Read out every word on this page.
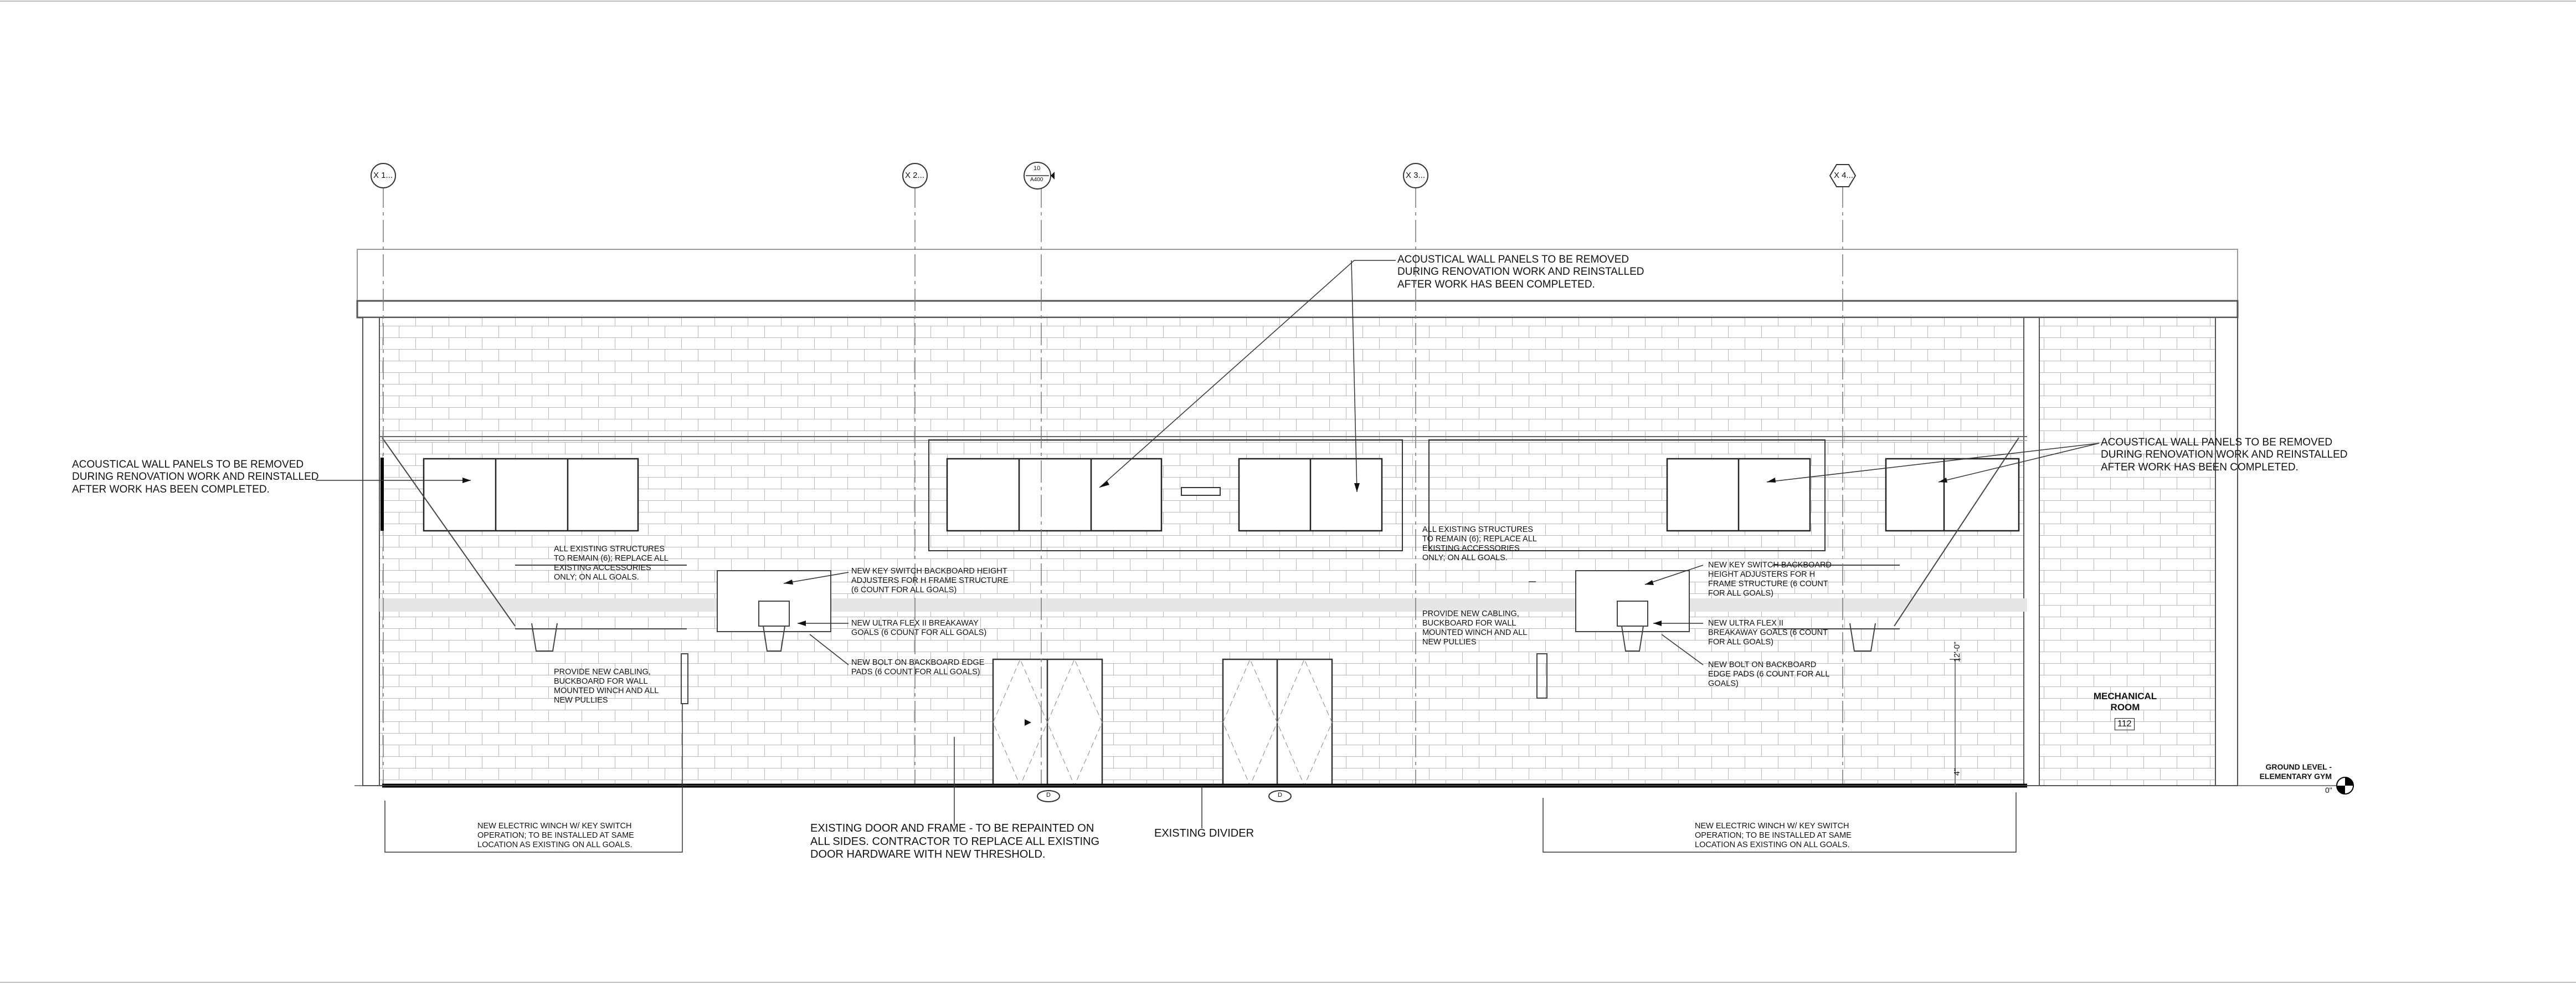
X 1...	X 2...	X 3...	X 4...
10
A400
D	D
ACOUSTICAL WALL PANELS TO BE REMOVED
DURING RENOVATION WORK AND REINSTALLED
AFTER WORK HAS BEEN COMPLETED.
ACOUSTICAL WALL PANELS TO BE REMOVED
DURING RENOVATION WORK AND REINSTALLED
AFTER WORK HAS BEEN COMPLETED.
ACOUSTICAL WALL PANELS TO BE REMOVED
DURING RENOVATION WORK AND REINSTALLED
AFTER WORK HAS BEEN COMPLETED.
ALL EXISTING STRUCTURES
TO REMAIN (6); REPLACE ALL
EXISTING ACCESSORIES
ONLY; ON ALL GOALS.
ALL EXISTING STRUCTURES
TO REMAIN (6); REPLACE ALL
EXISTING ACCESSORIES
ONLY; ON ALL GOALS.
NEW KEY SWITCH BACKBOARD HEIGHT
ADJUSTERS FOR H FRAME STRUCTURE
(6 COUNT FOR ALL GOALS)
NEW KEY SWITCH BACKBOARD
HEIGHT ADJUSTERS FOR H
FRAME STRUCTURE (6 COUNT
FOR ALL GOALS)
NEW ULTRA FLEX II BREAKAWAY
GOALS (6 COUNT FOR ALL GOALS)
NEW ULTRA FLEX II
BREAKAWAY GOALS (6 COUNT
FOR ALL GOALS)
NEW BOLT ON BACKBOARD EDGE
PADS (6 COUNT FOR ALL GOALS)
NEW BOLT ON BACKBOARD
EDGE PADS (6 COUNT FOR ALL
GOALS)
PROVIDE NEW CABLING,
BUCKBOARD FOR WALL
MOUNTED WINCH AND ALL
NEW PULLIES
PROVIDE NEW CABLING,
BUCKBOARD FOR WALL
MOUNTED WINCH AND ALL
NEW PULLIES
NEW ELECTRIC WINCH W/ KEY SWITCH
OPERATION; TO BE INSTALLED AT SAME
LOCATION AS EXISTING ON ALL GOALS.
NEW ELECTRIC WINCH W/ KEY SWITCH
OPERATION; TO BE INSTALLED AT SAME
LOCATION AS EXISTING ON ALL GOALS.
EXISTING DOOR AND FRAME - TO BE REPAINTED ON
ALL SIDES. CONTRACTOR TO REPLACE ALL EXISTING
DOOR HARDWARE WITH NEW THRESHOLD.
EXISTING DIVIDER
MECHANICAL
ROOM
112
GROUND LEVEL -
ELEMENTARY GYM
0"
12'-0"
4"
